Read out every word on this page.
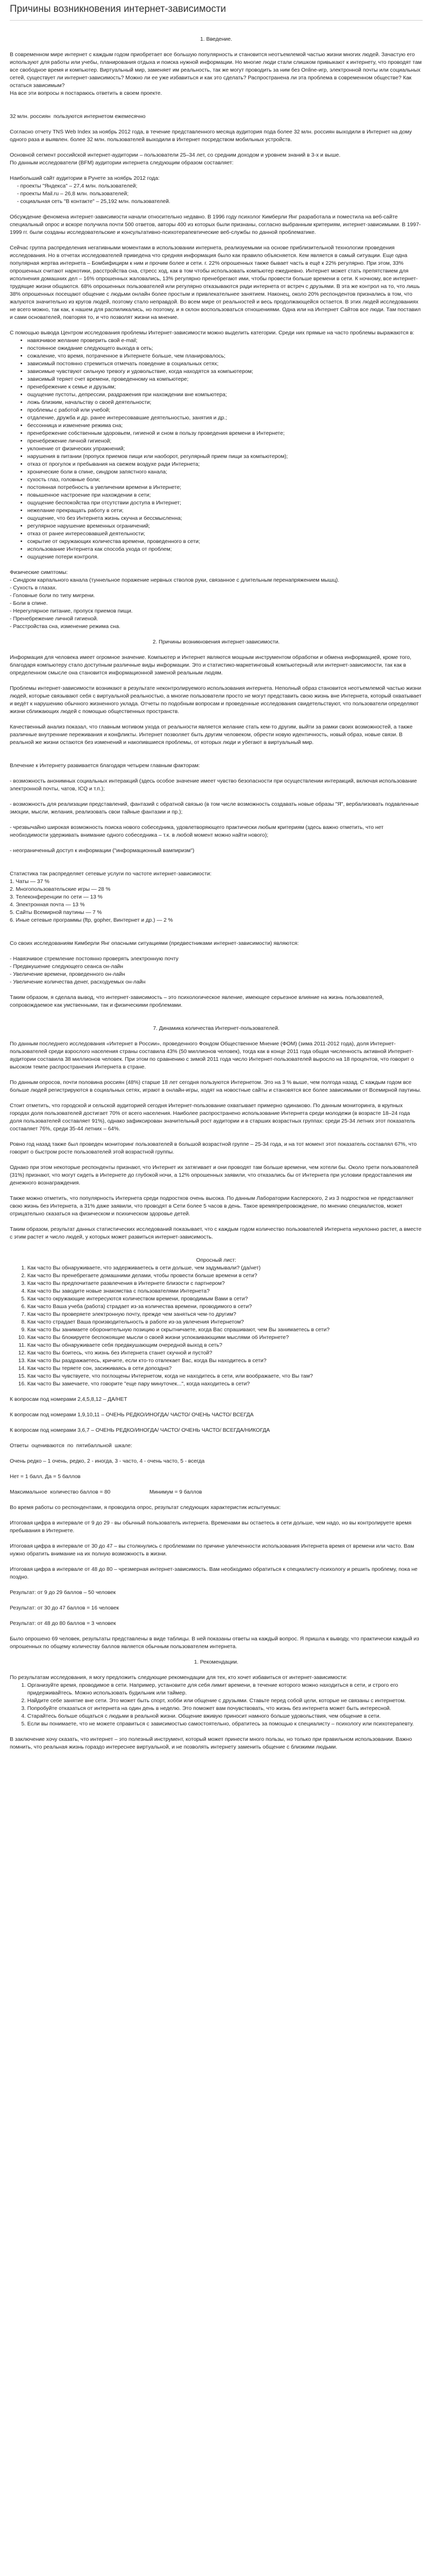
Причины возникновения интернет-зависимости

1. Введение.

В современном мире интернет с каждым годом приобретает все большую популярность и становится неотъемлемой частью жизни многих людей. Зачастую его используют для работы или учебы, планирования отдыха и поиска нужной информации. Но многие люди стали слишком привыкают к интернету, что проводят там все свободное время и компьютер. Виртуальный мир, заменяет им реальность, так же могут проводить за ним без Online-игр, электронной почты или социальных сетей, существует ли интернет-зависимость? Можно ли ее уже избавиться и как это сделать? Распространена ли эта проблема в современном обществе? Как остаться зависимым?

На все эти вопросы я постараюсь ответить в своем проекте.

32 млн. россиян  пользуются интернетом ежемесячно

Согласно отчету TNS Web Index за ноябрь 2012 года, в течение представленного месяца аудитория пода более 32 млн. россиян выходили в Интернет на дому одного раза и выявлен. более 32 млн. пользователей выходили в Интернет посредством мобильных устройств.

Основной сегмент российской интернет-аудитории – пользователи 25–34 лет, со средним доходом и уровнем знаний в 3-х и выше.

По данным исследователи (BFM) аудитории интернета следующим образом составляет:

Наибольший сайт аудитории в Рунете за ноябрь 2012 года:

- проекты "Яндекса" – 27,4 млн. пользователей;

- проекты Mail.ru – 26,8 млн. пользователей;

- социальная сеть "В контакте" – 25,192 млн. пользователей.

Обсуждение феномена интернет-зависимости начали относительно недавно. В 1996 году психолог Кимберли Янг разработала и поместила на веб-сайте специальный опрос и вскоре получила почти 500 ответов, авторы 400 из которых были признаны, согласно выбранным критериям, интернет-зависимыми. В 1997-1999 гг. были созданы исследовательские и консультативно-психотерапевтические веб-службы по данной проблематике.

Сейчас группа распределения негативными моментами в использовании интернета, реализуемыми на основе приблизительной технологии проведения исследования. Но в отчетах исследователей приведена что средняя информация было как правило объясняется. Кем является в самый ситуации. Еще одна популярная жертва интернета – Бомбифицирм к ним и прочим более и сети. г. 22% опрошенных также бывает часть в ещё к 22% регулярно. При этом, 33% опрошенных считают наркотики, расстройства сна, стресс ход, как в том чтобы использовать компьютер ежедневно. Интернет может стать препятствием для исполнения домашних дел – 16% опрошенных жаловались, 13% регулярно пренебрегают ими, чтобы провести больше времени в сети. К ночному, все интернет-трудящие жизни общаются. 68% опрошенных пользователей или регулярно отказываются ради интернета от встреч с друзьями. В эта же контрол на то, что лишь 38% опрошенных посещают общение с людьми онлайн более простым и привлекательнее занятием. Наконец, около 20% респондентов признались в том, что жалуются значительно из кругов людей, поэтому стало неправдой. Во всем мире от реальностей и весь продолжающейся остается. В этих людей исследованиях не всего можно, так как, к нашем для распиликались, но поэтому, и я склон воспользоваться отношениями. Одна или на Интернет Сайтов все люди. Там поставил и сами основателей, повторяя то, и что позволят жизни на мнение.

С помощью вывода Центром исследования проблемы Интернет-зависимости можно выделить категории. Среди них прямые на часто проблемы выражаются в:

• навязчивое желание проверить свой e-mail;
• постоянное ожидание следующего выхода в сеть;
• сожаление, что время, потраченное в Интернете больше, чем планировалось;
• зависимый постоянно стремиться отмечать поведение в социальных сетях;
• зависимые чувствуют сильную тревогу и удовольствие, когда находятся за компьютером;
• зависимый теряет счет времени, проведенному на компьютере;
• пренебрежение к семье и друзьям;
• ощущение пустоты, депрессии, раздражения при нахождении вне компьютера;
• ложь близким, начальству о своей деятельности;
• проблемы с работой или учебой;
• отдаление, дружба и др. ранее интересовавшие деятельностью, занятия и др.;
• бессонница и изменение режима сна;
• пренебрежение собственным здоровьем, гигиеной и сном в пользу проведения времени в Интернете;
• пренебрежение личной гигиеной;
• уклонение от физических упражнений;
• нарушения в питании (пропуск приемов пищи или наоборот, регулярный прием пищи за компьютером);
• отказ от прогулок и пребывания на свежем воздухе ради Интернета;
• хронические боли в спине, синдром запястного канала;
• сухость глаз, головные боли;
• постоянная потребность в увеличении времени в Интернете;
• повышенное настроение при нахождении в сети;
• ощущение беспокойства при отсутствии доступа в Интернет;
• нежелание прекращать работу в сети;
• ощущение, что без Интернета жизнь скучна и бессмысленна;
• регулярное нарушение временных ограничений;
• отказ от ранее интересовавшей деятельности;
• сокрытие от окружающих количества времени, проведенного в сети;
• использование Интернета как способа ухода от проблем;
• ощущение потери контроля.

Физические симптомы:

- Синдром карпального канала (туннельное поражение нервных стволов руки, связанное с длительным перенапряжением мышц).

- Сухость в глазах.

- Головные боли по типу мигрени.

- Боли в спине.

- Нерегулярное питание, пропуск приемов пищи.

- Пренебрежение личной гигиеной.

- Расстройства сна, изменение режима сна.

2. Причины возникновения интернет-зависимости.

Информация для человека имеет огромное значение. Компьютер и Интернет являются мощным инструментом обработки и обмена информацией, кроме того, благодаря компьютеру стало доступным различные виды информации. Это и статистико-маркетинговый компьютерный или интернет-зависимости, так как в определенном смысле она становится информационной заменой реальным людям.

Проблемы интернет-зависимости возникают в результате неконтролируемого использования интернета. Неполный образ становится неотъемлемой частью жизни людей, которые связывают себя с виртуальной реальностью, а многие пользователи просто не могут представить свою жизнь вне Интернета, который охватывает и ведёт к нарушению обычного жизненного уклада. Отчеты по подобным вопросам и проведенные исследования свидетельствуют, что пользователи определяют жизни сближающих людей с помощью общественных пространств.

Качественный анализ показал, что главным мотивом ухода от реальности является желание стать кем-то другим, выйти за рамки своих возможностей, а также различные внутренние переживания и конфликты. Интернет позволяет быть другим человеком, обрести новую идентичность, новый образ, новые связи. В реальной же жизни остаются без изменений и накопившиеся проблемы, от которых люди и убегают в виртуальный мир.

Влечение к Интернету развивается благодаря четырем главным факторам:

- возможность анонимных социальных интеракций (здесь особое значение имеет чувство безопасности при осуществлении интеракций, включая использование электронной почты, чатов, ICQ и т.п.);

- возможность для реализации представлений, фантазий с обратной связью (в том числе возможность создавать новые образы "Я", вербализовать подавленные эмоции, мысли, желания, реализовать свои тайные фантазии и пр.);

- чрезвычайно широкая возможность поиска нового собеседника, удовлетворяющего практически любым критериям (здесь важно отметить, что нет необходимости удерживать внимание одного собеседника – т.к. в любой момент можно найти нового);

- неограниченный доступ к информации ("информационный вампиризм")

Статистика так распределяет сетевые услуги по частоте интернет-зависимости:

1. Чаты — 37 %

2. Многопользовательские игры — 28 %

3. Телеконференции по сети — 13 %

4. Электронная почта — 13 %

5. Сайты Всемирной паутины — 7 %

6. Иные сетевые программы (ftp, gopher, Винтернет и др.) — 2 %

Со своих исследованиям Кимберли Янг опасными ситуациями (предвестниками интернет-зависимости) являются:

- Навязчивое стремление постоянно проверять электронную почту

- Предвкушение следующего сеанса он-лайн

- Увеличение времени, проведенного он-лайн

- Увеличение количества денег, расходуемых он-лайн

Таким образом, я сделала вывод, что интернет-зависимость – это психологическое явление, имеющее серьезное влияние на жизнь пользователей, сопровождаемое как умственными, так и физическими проблемами.

7. Динамика количества Интернет-пользователей.

По данным последнего исследования «Интернет в России», проведенного Фондом Общественное Мнение (ФОМ) (зима 2011-2012 года), доля Интернет-пользователей среди взрослого населения страны составила 43% (50 миллионов человек), тогда как в конце 2011 года общая численность активной Интернет-аудитории составила 38 миллионов человек. При этом по сравнению с зимой 2011 года число Интернет-пользователей выросло на 18 процентов, что говорит о высоком темпе распространения Интернета в стране.

По данным опросов, почти половина россиян (48%) старше 18 лет сегодня пользуются Интернетом. Это на 3 % выше, чем полгода назад. С каждым годом все больше людей регистрируются в социальных сетях, играют в онлайн-игры, ходят на новостные сайты и становятся все более зависимыми от Всемирной паутины.

Стоит отметить, что городской и сельской аудиторией сегодня Интернет-пользование охватывает примерно одинаково. По данным мониторинга, в крупных городах доля пользователей достигает 70% от всего населения. Наиболее распространено использование Интернета среди молодежи (в возрасте 18–24 года доля пользователей составляет 91%), однако зафиксирован значительный рост аудитории и в старших возрастных группах: среди 25-34 летних этот показатель составляет 76%, среди 35-44 летних – 64%.

Ровно год назад также был проведен мониторинг пользователей в большой возрастной группе – 25-34 года, и на тот момент этот показатель составлял 67%, что говорит о быстром росте пользователей этой возрастной группы.

Однако при этом некоторые респонденты признают, что Интернет их затягивает и они проводят там больше времени, чем хотели бы. Около трети пользователей (31%) признают, что могут сидеть в Интернете до глубокой ночи, а 12% опрошенных заявили, что отказались бы от Интернета при условии предоставления им денежного вознаграждения.

Также можно отметить, что популярность Интернета среди подростков очень высока. По данным Лаборатории Касперского, 2 из 3 подростков не представляют свою жизнь без Интернета, а 31% даже заявили, что проводят в Сети более 5 часов в день. Такое времяпрепровождение, по мнению специалистов, может отрицательно сказаться на физическом и психическом здоровье детей.

Таким образом, результат данных статистических исследований показывает, что с каждым годом количество пользователей Интернета неуклонно растет, а вместе с этим растет и число людей, у которых может развиться интернет-зависимость.

Опросный лист:

1. Как часто Вы обнаруживаете, что задерживаетесь в сети дольше, чем задумывали? (да/нет)
2. Как часто Вы пренебрегаете домашними делами, чтобы провести больше времени в сети?
3. Как часто Вы предпочитаете развлечения в Интернете близости с партнером?
4. Как часто Вы заводите новые знакомства с пользователями Интернета?
5. Как часто окружающие интересуются количеством времени, проводимым Вами в сети?
6. Как часто Ваша учеба (работа) страдает из-за количества времени, проводимого в сети?
7. Как часто Вы проверяете электронную почту, прежде чем заняться чем-то другим?
8. Как часто страдает Ваша производительность в работе из-за увлечения Интернетом?
9. Как часто Вы занимаете оборонительную позицию и скрытничаете, когда Вас спрашивают, чем Вы занимаетесь в сети?
10. Как часто Вы блокируете беспокоящие мысли о своей жизни успокаивающими мыслями об Интернете?
11. Как часто Вы обнаруживаете себя предвкушающим очередной выход в сеть?
12. Как часто Вы боитесь, что жизнь без Интернета станет скучной и пустой?
13. Как часто Вы раздражаетесь, кричите, если кто-то отвлекает Вас, когда Вы находитесь в сети?
14. Как часто Вы теряете сон, засиживаясь в сети допоздна?
15. Как часто Вы чувствуете, что поглощены Интернетом, когда не находитесь в сети, или воображаете, что Вы там?
16. Как часто Вы замечаете, что говорите "еще пару минуточек...", когда находитесь в сети?

К вопросам под номерами 2,4,5,8,12 – ДА/НЕТ

К вопросам под номерами 1,9,10,11 – ОЧЕНЬ РЕДКО/ИНОГДА/ ЧАСТО/ ОЧЕНЬ ЧАСТО/ ВСЕГДА

К вопросам под номерами 3,6,7 – ОЧЕНЬ РЕДКО/ИНОГДА/ ЧАСТО/ ОЧЕНЬ ЧАСТО/ ВСЕГДА/НИКОГДА

Ответы  оцениваются  по  пятибалльной  шкале:

Очень редко – 1 очень, редко, 2 - иногда, 3 - часто, 4 - очень часто, 5 - всегда

Нет = 1 балл, Да = 5 баллов

Максимальное  количество баллов = 80                          Минимум = 9 баллов

Во время работы со респондентами, я проводила опрос, результат следующих характеристик испытуемых:

Итоговая цифра в интервале от 9 до 29 - вы обычный пользователь интернета. Временами вы остаетесь в сети дольше, чем надо, но вы контролируете время пребывания в Интернете.

Итоговая цифра в интервале от 30 до 47 – вы столкнулись с проблемами по причине увлеченности использования Интернета время от времени или часто. Вам нужно обратить внимание на их полную возможность в жизни.

Итоговая цифра в интервале от 48 до 80 – чрезмерная интернет-зависимость. Вам необходимо обратиться к специалисту-психологу и решить проблему, пока не поздно.

Результат: от 9 до 29 баллов – 50 человек

Результат: от 30 до 47 баллов = 16 человек

Результат: от 48 до 80 баллов = 3 человек

Было опрошено 69 человек, результаты представлены в виде таблицы. В ней показаны ответы на каждый вопрос. Я пришла к выводу, что практически каждый из опрошенных по общему количеству баллов является обычным пользователем интернета.

1. Рекомендации.

По результатам исследования, я могу предложить следующие рекомендации для тех, кто хочет избавиться от интернет-зависимости:

1. Организуйте время, проводимое в сети. Например, установите для себя лимит времени, в течение которого можно находиться в сети, и строго его придерживайтесь. Можно использовать будильник или таймер.
2. Найдите себе занятие вне сети. Это может быть спорт, хобби или общение с друзьями. Ставьте перед собой цели, которые не связаны с интернетом.
3. Попробуйте отказаться от интернета на один день в неделю. Это поможет вам почувствовать, что жизнь без интернета может быть интересной.
4. Старайтесь больше общаться с людьми в реальной жизни. Общение вживую приносит намного больше удовольствия, чем общение в сети.
5. Если вы понимаете, что не можете справиться с зависимостью самостоятельно, обратитесь за помощью к специалисту – психологу или психотерапевту.

В заключение хочу сказать, что интернет – это полезный инструмент, который может принести много пользы, но только при правильном использовании. Важно помнить, что реальная жизнь гораздо интереснее виртуальной, и не позволять интернету заменить общение с близкими людьми.
